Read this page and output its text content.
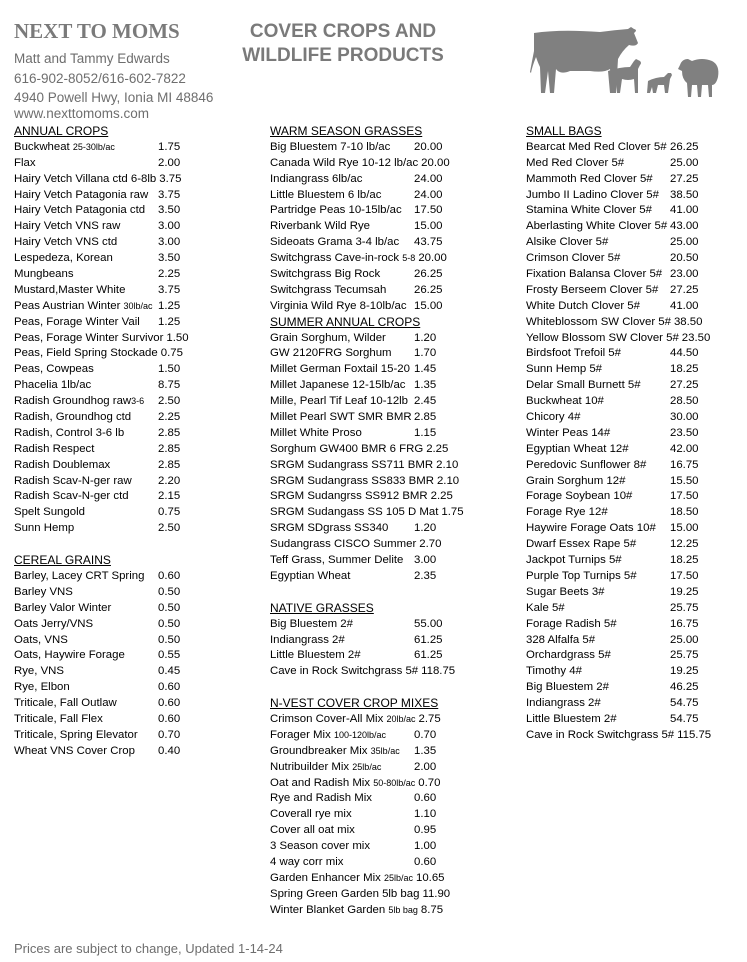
NEXT TO MOMS
Matt and Tammy Edwards
616-902-8052/616-602-7822
4940 Powell Hwy, Ionia MI 48846
www.nexttomoms.com
COVER CROPS AND
WILDLIFE PRODUCTS
ANNUAL CROPS
Buckwheat 25-30lb/ac	1.75
Flax	2.00
Hairy Vetch Villana ctd 6-8lb 3.75
Hairy Vetch Patagonia raw 3.75
Hairy Vetch Patagonia ctd 3.50
Hairy Vetch VNS raw	3.00
Hairy Vetch VNS ctd	3.00
Lespedeza, Korean	3.50
Mungbeans	2.25
Mustard,Master White	3.75
Peas Austrian Winter 30lb/ac 1.25
Peas, Forage Winter Vail 1.25
Peas, Forage Winter Survivor 1.50
Peas, Field Spring Stockade 0.75
Peas, Cowpeas	1.50
Phacelia 1lb/ac	8.75
Radish Groundhog raw3-6 2.50
Radish, Groundhog ctd 2.25
Radish, Control 3-6 lb	2.85
Radish Respect	2.85
Radish Doublemax	2.85
Radish Scav-N-ger raw 2.20
Radish Scav-N-ger ctd	2.15
Spelt Sungold	0.75
Sunn Hemp	2.50
CEREAL GRAINS
Barley, Lacey CRT Spring 0.60
Barley VNS	0.50
Barley Valor Winter	0.50
Oats Jerry/VNS	0.50
Oats, VNS	0.50
Oats, Haywire Forage	0.55
Rye, VNS	0.45
Rye, Elbon	0.60
Triticale, Fall Outlaw	0.60
Triticale, Fall Flex	0.60
Triticale, Spring Elevator 0.70
Wheat VNS Cover Crop 0.40
WARM SEASON GRASSES
Big Bluestem 7-10 lb/ac 20.00
Canada Wild Rye 10-12 lb/ac 20.00
Indiangrass 6lb/ac	24.00
Little Bluestem 6 lb/ac	24.00
Partridge Peas 10-15lb/ac 17.50
Riverbank Wild Rye	15.00
Sideoats Grama 3-4 lb/ac 43.75
Switchgrass Cave-in-rock 5-8 20.00
Switchgrass Big Rock	26.25
Switchgrass Tecumsah 26.25
Virginia Wild Rye 8-10lb/ac 15.00
SUMMER ANNUAL CROPS
Grain Sorghum, Wilder 1.20
GW 2120FRG Sorghum 1.70
Millet German Foxtail 15-20 1.45
Millet Japanese 12-15lb/ac 1.35
Mille, Pearl Tif Leaf 10-12lb 2.45
Millet Pearl SWT SMR BMR 2.85
Millet White Proso	1.15
Sorghum GW400 BMR 6 FRG 2.25
SRGM Sudangrass SS711 BMR 2.10
SRGM Sudangrass SS833 BMR 2.10
SRGM Sudangrss SS912 BMR 2.25
SRGM Sudangass SS 105 D Mat 1.75
SRGM SDgrass SS340 1.20
Sudangrass CISCO Summer 2.70
Teff Grass, Summer Delite 3.00
Egyptian Wheat	2.35
NATIVE GRASSES
Big Bluestem 2#	55.00
Indiangrass 2#	61.25
Little Bluestem 2#	61.25
Cave in Rock Switchgrass 5# 118.75
N-VEST COVER CROP MIXES
Crimson Cover-All Mix 20lb/ac 2.75
Forager Mix 100-120lb/ac 0.70
Groundbreaker Mix 35lb/ac 1.35
Nutribuilder Mix 25lb/ac	2.00
Oat and Radish Mix 50-80lb/ac 0.70
Rye and Radish Mix	0.60
Coverall rye mix	1.10
Cover all oat mix	0.95
3 Season cover mix	1.00
4 way corr mix	0.60
Garden Enhancer Mix 25lb/ac 10.65
Spring Green Garden 5lb bag 11.90
Winter Blanket Garden 5lb bag 8.75
SMALL BAGS
Bearcat Med Red Clover 5# 26.25
Med Red Clover 5#	25.00
Mammoth Red Clover 5# 27.25
Jumbo II Ladino Clover 5# 38.50
Stamina White Clover 5# 41.00
Aberlasting White Clover 5# 43.00
Alsike Clover 5#	25.00
Crimson Clover 5#	20.50
Fixation Balansa Clover 5# 23.00
Frosty Berseem Clover 5# 27.25
White Dutch Clover 5#	41.00
Whiteblossom SW Clover 5# 38.50
Yellow Blossom SW Clover 5# 23.50
Birdsfoot Trefoil 5#	44.50
Sunn Hemp 5#	18.25
Delar Small Burnett 5#	27.25
Buckwheat 10#	28.50
Chicory 4#	30.00
Winter Peas 14#	23.50
Egyptian Wheat 12#	42.00
Peredovic Sunflower 8# 16.75
Grain Sorghum 12#	15.50
Forage Soybean 10#	17.50
Forage Rye 12#	18.50
Haywire Forage Oats 10# 15.00
Dwarf Essex Rape 5#	12.25
Jackpot Turnips 5#	18.25
Purple Top Turnips 5#	17.50
Sugar Beets 3#	19.25
Kale 5#	25.75
Forage Radish 5#	16.75
328 Alfalfa 5#	25.00
Orchardgrass 5#	25.75
Timothy 4#	19.25
Big Bluestem 2#	46.25
Indiangrass 2#	54.75
Little Bluestem 2#	54.75
Cave in Rock Switchgrass 5# 115.75
Prices are subject to change, Updated 1-14-24
